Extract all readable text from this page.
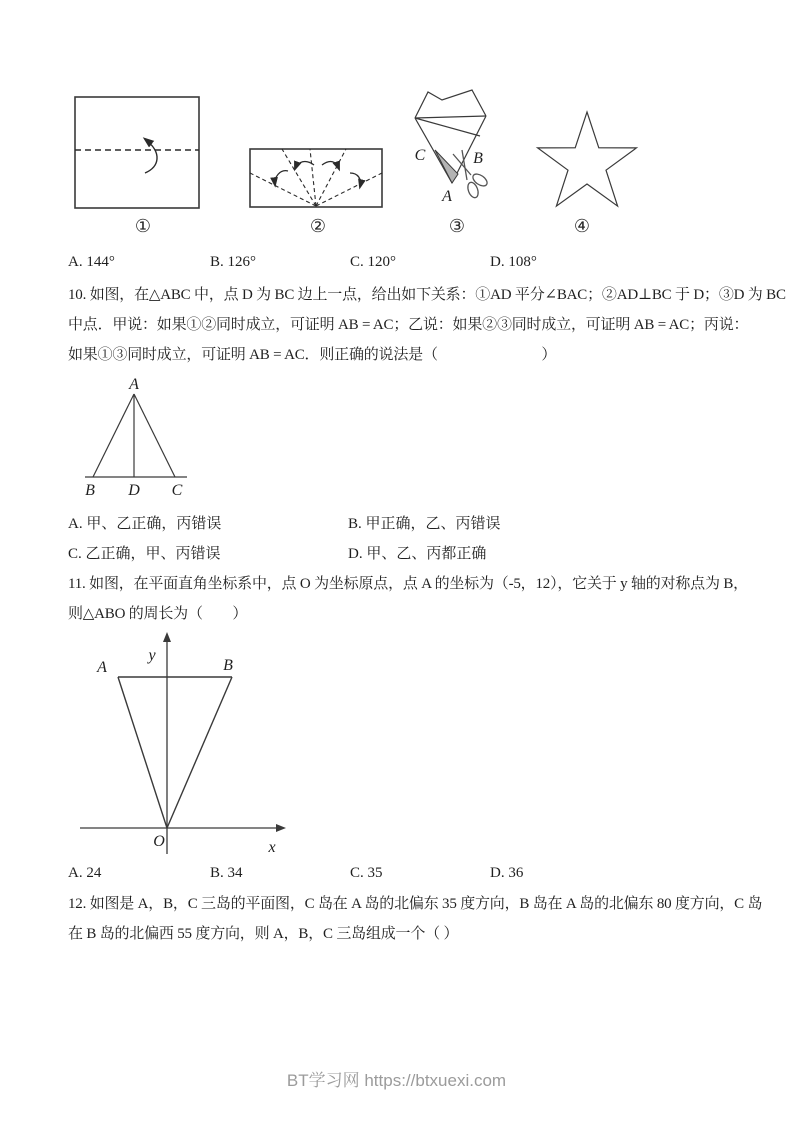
C	B
A
①	②	③	④
A. 144°	B. 126°	C. 120°	D. 108°
10. 如图，在△ABC 中，点 D 为 BC 边上一点，给出如下关系：①AD 平分∠BAC；②AD⊥BC 于 D；③D 为 BC
中点．甲说：如果①②同时成立，可证明 AB = AC；乙说：如果②③同时成立，可证明 AB = AC；丙说：
如果①③同时成立，可证明 AB = AC．则正确的说法是（　　　　　　　）
A
B D C
A. 甲、乙正确，丙错误	B. 甲正确，乙、丙错误
C. 乙正确，甲、丙错误	D. 甲、乙、丙都正确
11. 如图，在平面直角坐标系中，点 O 为坐标原点，点 A 的坐标为（-5，12），它关于 y 轴的对称点为 B，
则△ABO 的周长为（　　）
y
x
O
A	B
A. 24	B. 34	C. 35	D. 36
12. 如图是 A，B，C 三岛的平面图，C 岛在 A 岛的北偏东 35 度方向，B 岛在 A 岛的北偏东 80 度方向，C 岛
在 B 岛的北偏西 55 度方向，则 A，B，C 三岛组成一个（ ）
BT学习网 https://btxuexi.com
